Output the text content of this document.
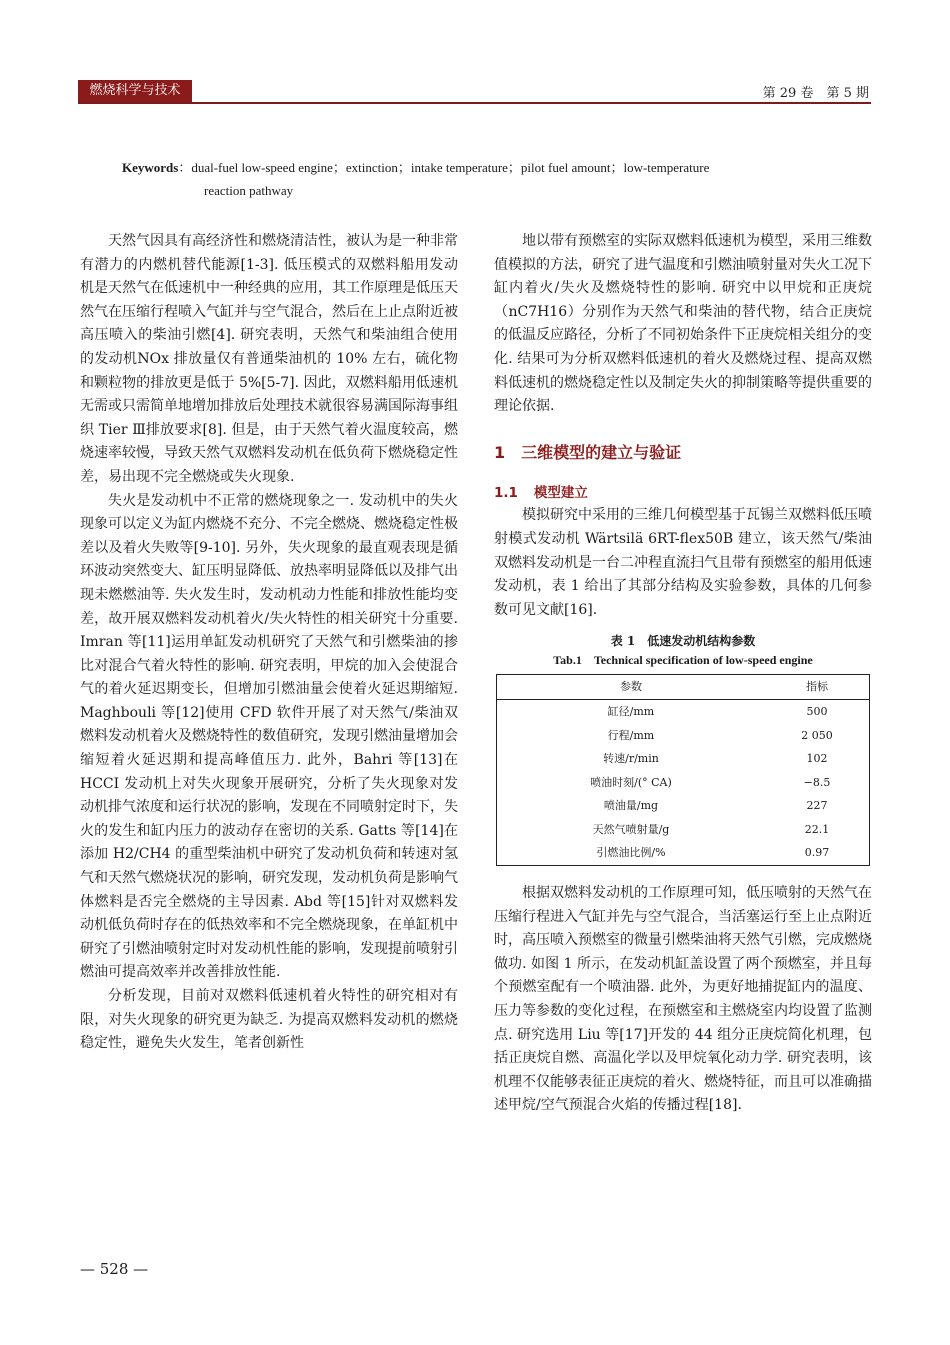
燃烧科学与技术	第 29 卷　第 5 期
Keywords：dual-fuel low-speed engine；extinction；intake temperature；pilot fuel amount；low-temperature
reaction pathway

天然气因具有高经济性和燃烧清洁性，被认为是一种非常有潜力的内燃机替代能源[1-3]. 低压模式的双燃料船用发动机是天然气在低速机中一种经典的应用，其工作原理是低压天然气在压缩行程喷入气缸并与空气混合，然后在上止点附近被高压喷入的柴油引燃[4]. 研究表明，天然气和柴油组合使用的发动机NOx 排放量仅有普通柴油机的 10% 左右，硫化物和颗粒物的排放更是低于 5%[5-7]. 因此，双燃料船用低速机无需或只需简单地增加排放后处理技术就很容易满国际海事组织 Tier Ⅲ排放要求[8]. 但是，由于天然气着火温度较高，燃烧速率较慢，导致天然气双燃料发动机在低负荷下燃烧稳定性差，易出现不完全燃烧或失火现象.

失火是发动机中不正常的燃烧现象之一. 发动机中的失火现象可以定义为缸内燃烧不充分、不完全燃烧、燃烧稳定性极差以及着火失败等[9-10]. 另外，失火现象的最直观表现是循环波动突然变大、缸压明显降低、放热率明显降低以及排气出现未燃燃油等. 失火发生时，发动机动力性能和排放性能均变差，故开展双燃料发动机着火/失火特性的相关研究十分重要. Imran 等[11]运用单缸发动机研究了天然气和引燃柴油的掺比对混合气着火特性的影响. 研究表明，甲烷的加入会使混合气的着火延迟期变长，但增加引燃油量会使着火延迟期缩短. Maghbouli 等[12]使用 CFD 软件开展了对天然气/柴油双燃料发动机着火及燃烧特性的数值研究，发现引燃油量增加会缩短着火延迟期和提高峰值压力. 此外，Bahri 等[13]在 HCCI 发动机上对失火现象开展研究，分析了失火现象对发动机排气浓度和运行状况的影响，发现在不同喷射定时下，失火的发生和缸内压力的波动存在密切的关系. Gatts 等[14]在添加 H2/CH4 的重型柴油机中研究了发动机负荷和转速对氢气和天然气燃烧状况的影响，研究发现，发动机负荷是影响气体燃料是否完全燃烧的主导因素. Abd 等[15]针对双燃料发动机低负荷时存在的低热效率和不完全燃烧现象，在单缸机中研究了引燃油喷射定时对发动机性能的影响，发现提前喷射引燃油可提高效率并改善排放性能.

分析发现，目前对双燃料低速机着火特性的研究相对有限，对失火现象的研究更为缺乏. 为提高双燃料发动机的燃烧稳定性，避免失火发生，笔者创新性

地以带有预燃室的实际双燃料低速机为模型，采用三维数值模拟的方法，研究了进气温度和引燃油喷射量对失火工况下缸内着火/失火及燃烧特性的影响. 研究中以甲烷和正庚烷（nC7H16）分别作为天然气和柴油的替代物，结合正庚烷的低温反应路径，分析了不同初始条件下正庚烷相关组分的变化. 结果可为分析双燃料低速机的着火及燃烧过程、提高双燃料低速机的燃烧稳定性以及制定失火的抑制策略等提供重要的理论依据.

1 三维模型的建立与验证
1.1 模型建立

模拟研究中采用的三维几何模型基于瓦锡兰双燃料低压喷射模式发动机 Wärtsilä 6RT-flex50B 建立，该天然气/柴油双燃料发动机是一台二冲程直流扫气且带有预燃室的船用低速发动机，表 1 给出了其部分结构及实验参数，具体的几何参数可见文献[16].

表 1　低速发动机结构参数
Tab.1　Technical specification of low-speed engine
参数	指标
缸径/mm	500
行程/mm	2 050
转速/r/min	102
喷油时刻/(° CA)	−8.5
喷油量/mg	227
天然气喷射量/g	22.1
引燃油比例/%	0.97

根据双燃料发动机的工作原理可知，低压喷射的天然气在压缩行程进入气缸并先与空气混合，当活塞运行至上止点附近时，高压喷入预燃室的微量引燃柴油将天然气引燃，完成燃烧做功. 如图 1 所示，在发动机缸盖设置了两个预燃室，并且每个预燃室配有一个喷油器. 此外，为更好地捕捉缸内的温度、压力等参数的变化过程，在预燃室和主燃烧室内均设置了监测点. 研究选用 Liu 等[17]开发的 44 组分正庚烷简化机理，包括正庚烷自燃、高温化学以及甲烷氧化动力学. 研究表明，该机理不仅能够表征正庚烷的着火、燃烧特征，而且可以准确描述甲烷/空气预混合火焰的传播过程[18].

— 528 —
